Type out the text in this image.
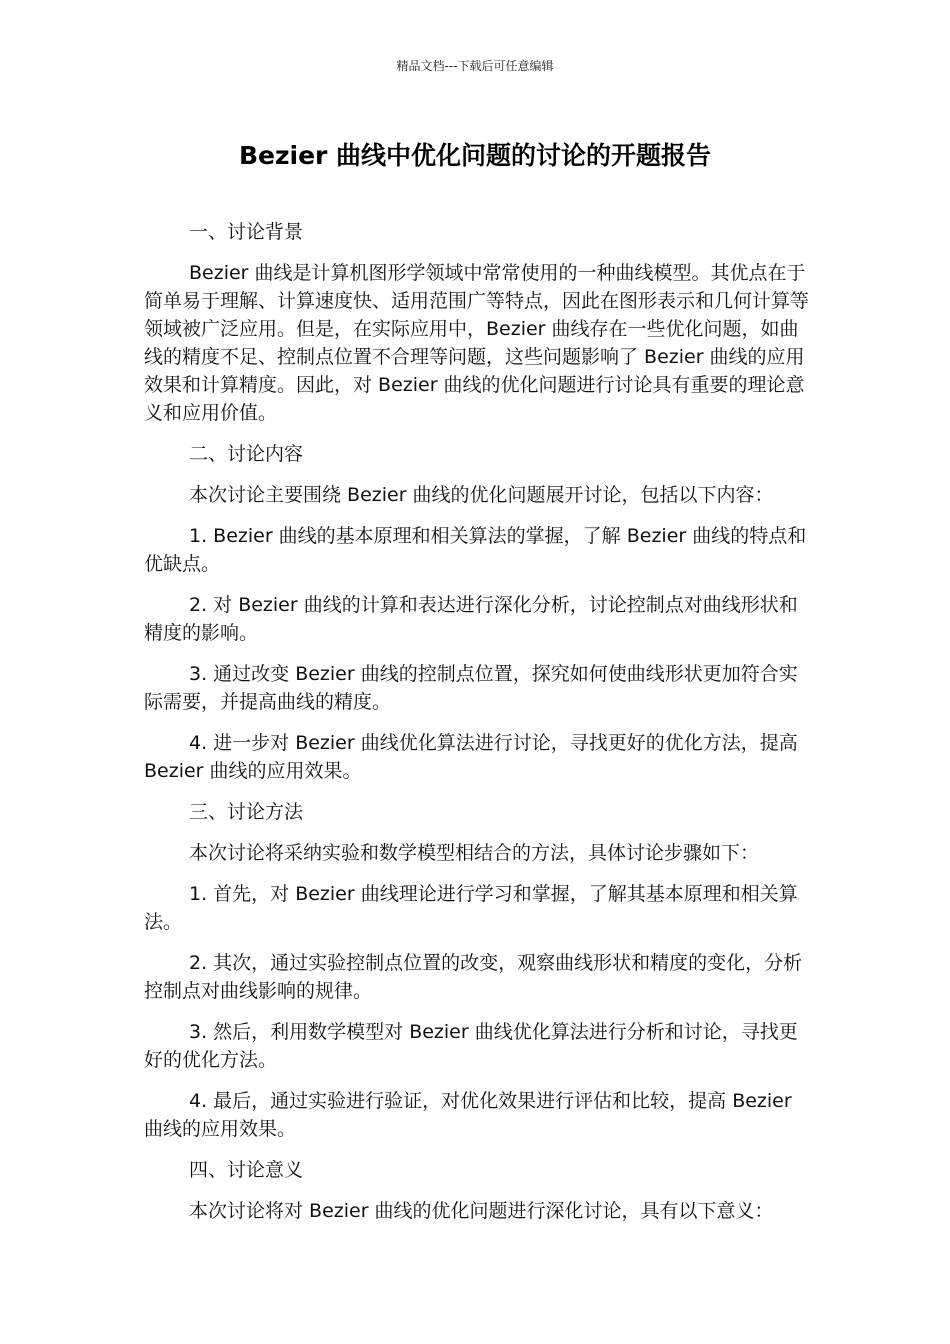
精品文档---下载后可任意编辑
Bezier 曲线中优化问题的讨论的开题报告

一、讨论背景

Bezier 曲线是计算机图形学领域中常常使用的一种曲线模型。其优点在于简单易于理解、计算速度快、适用范围广等特点，因此在图形表示和几何计算等领域被广泛应用。但是，在实际应用中，Bezier 曲线存在一些优化问题，如曲线的精度不足、控制点位置不合理等问题，这些问题影响了 Bezier 曲线的应用效果和计算精度。因此，对 Bezier 曲线的优化问题进行讨论具有重要的理论意义和应用价值。

二、讨论内容

本次讨论主要围绕 Bezier 曲线的优化问题展开讨论，包括以下内容：

1. Bezier 曲线的基本原理和相关算法的掌握，了解 Bezier 曲线的特点和优缺点。

2. 对 Bezier 曲线的计算和表达进行深化分析，讨论控制点对曲线形状和精度的影响。

3. 通过改变 Bezier 曲线的控制点位置，探究如何使曲线形状更加符合实际需要，并提高曲线的精度。

4. 进一步对 Bezier 曲线优化算法进行讨论，寻找更好的优化方法，提高 Bezier 曲线的应用效果。

三、讨论方法

本次讨论将采纳实验和数学模型相结合的方法，具体讨论步骤如下：

1. 首先，对 Bezier 曲线理论进行学习和掌握，了解其基本原理和相关算法。

2. 其次，通过实验控制点位置的改变，观察曲线形状和精度的变化，分析控制点对曲线影响的规律。

3. 然后，利用数学模型对 Bezier 曲线优化算法进行分析和讨论，寻找更好的优化方法。

4. 最后，通过实验进行验证，对优化效果进行评估和比较，提高 Bezier 曲线的应用效果。

四、讨论意义

本次讨论将对 Bezier 曲线的优化问题进行深化讨论，具有以下意义：
